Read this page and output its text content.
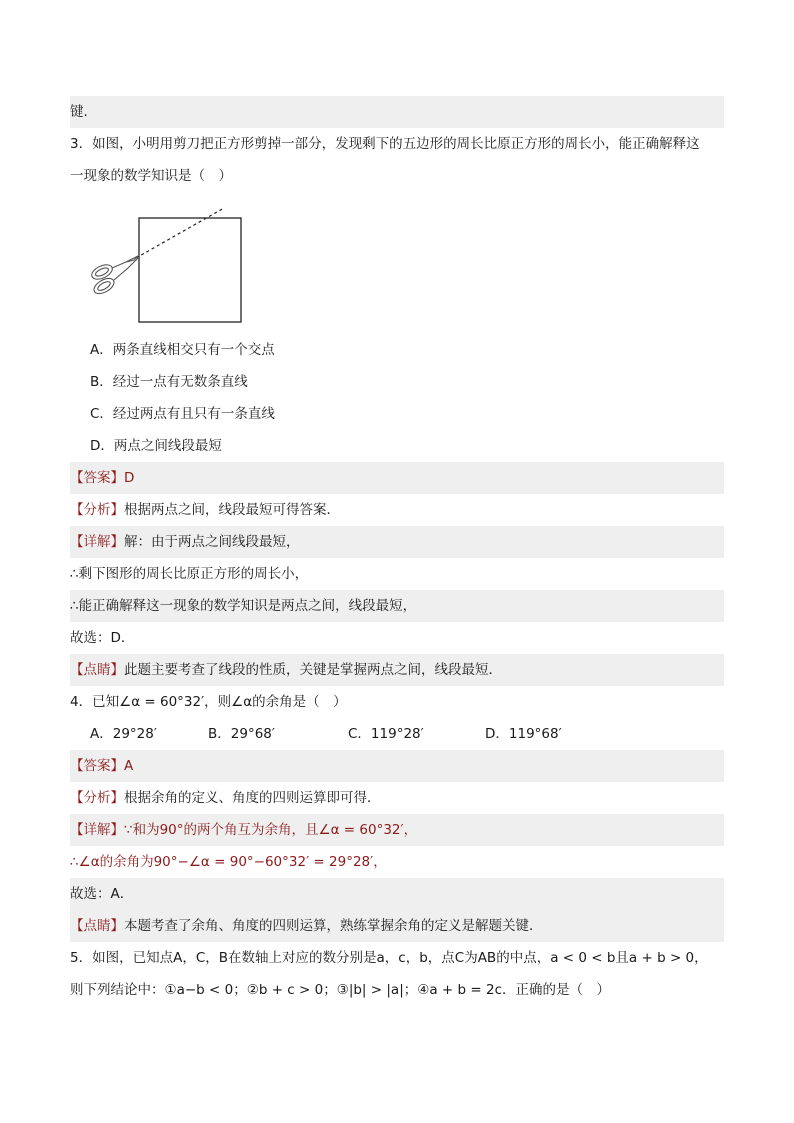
键.
3．如图，小明用剪刀把正方形剪掉一部分，发现剩下的五边形的周长比原正方形的周长小，能正确解释这
一现象的数学知识是（　）
A．两条直线相交只有一个交点
B．经过一点有无数条直线
C．经过两点有且只有一条直线
D．两点之间线段最短
【答案】D
【分析】根据两点之间，线段最短可得答案．
【详解】解：由于两点之间线段最短，
∴剩下图形的周长比原正方形的周长小，
∴能正确解释这一现象的数学知识是两点之间，线段最短，
故选：D．
【点睛】此题主要考查了线段的性质，关键是掌握两点之间，线段最短．
4．已知∠α = 60°32′，则∠α的余角是（　）
A．29°28′	B．29°68′	C．119°28′	D．119°68′
【答案】A
【分析】根据余角的定义、角度的四则运算即可得．
【详解】∵和为90°的两个角互为余角，且∠α = 60°32′，
∴∠α的余角为90°−∠α = 90°−60°32′ = 29°28′，
故选：A．
【点睛】本题考查了余角、角度的四则运算，熟练掌握余角的定义是解题关键．
5．如图，已知点A，C，B在数轴上对应的数分别是a，c，b，点C为AB的中点，a < 0 < b且a + b > 0，
则下列结论中：①a−b < 0；②b + c > 0；③|b| > |a|；④a + b = 2c．正确的是（　）
